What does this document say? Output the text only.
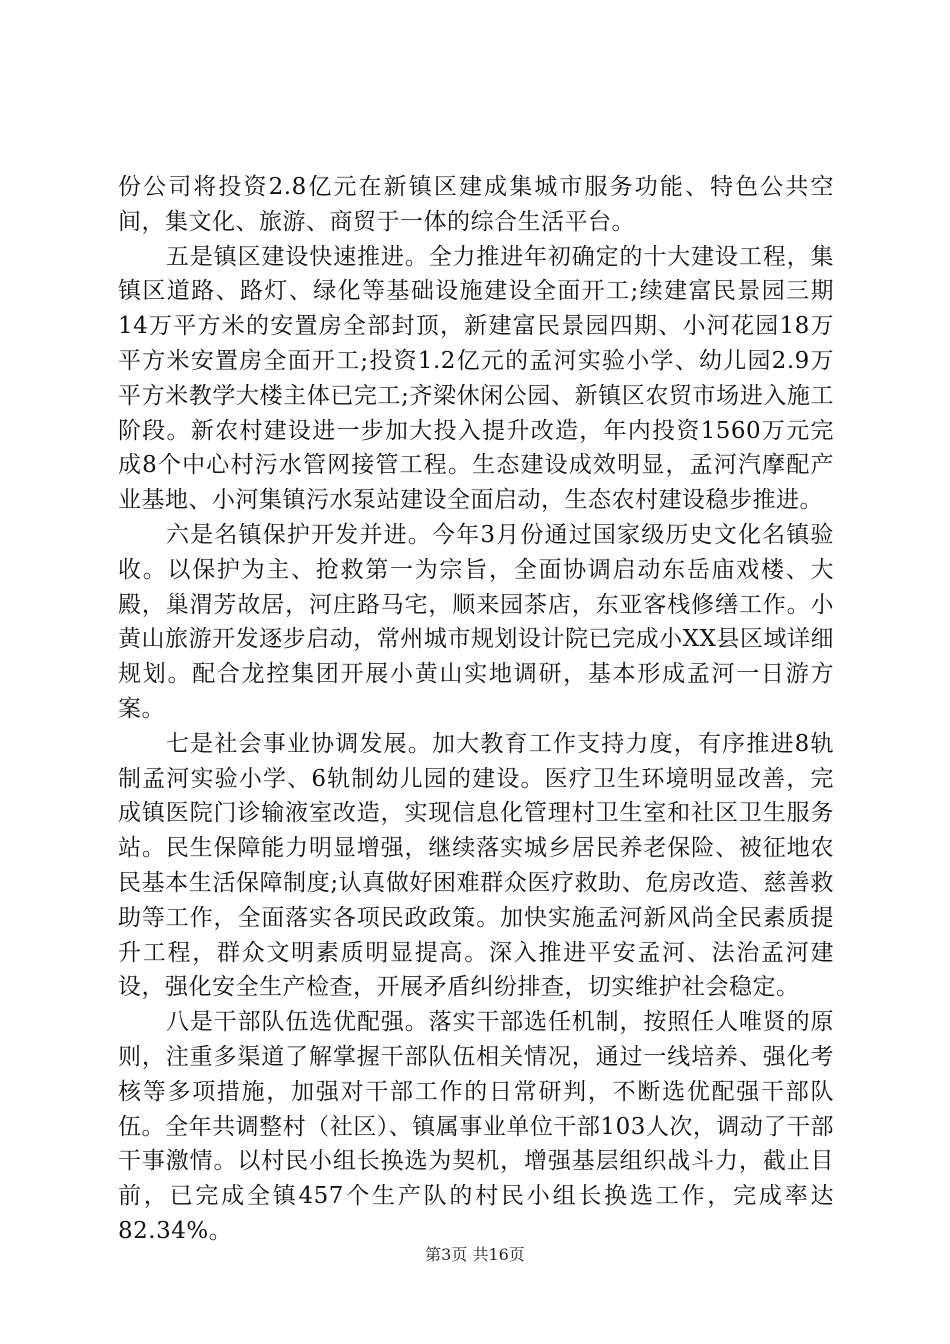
份公司将投资2.8亿元在新镇区建成集城市服务功能、特色公共空间，集文化、旅游、商贸于一体的综合生活平台。

五是镇区建设快速推进。全力推进年初确定的十大建设工程，集镇区道路、路灯、绿化等基础设施建设全面开工;续建富民景园三期14万平方米的安置房全部封顶，新建富民景园四期、小河花园18万平方米安置房全面开工;投资1.2亿元的孟河实验小学、幼儿园2.9万平方米教学大楼主体已完工;齐梁休闲公园、新镇区农贸市场进入施工阶段。新农村建设进一步加大投入提升改造，年内投资1560万元完成8个中心村污水管网接管工程。生态建设成效明显，孟河汽摩配产业基地、小河集镇污水泵站建设全面启动，生态农村建设稳步推进。

六是名镇保护开发并进。今年3月份通过国家级历史文化名镇验收。以保护为主、抢救第一为宗旨，全面协调启动东岳庙戏楼、大殿，巢渭芳故居，河庄路马宅，顺来园茶店，东亚客栈修缮工作。小黄山旅游开发逐步启动，常州城市规划设计院已完成小XX县区域详细规划。配合龙控集团开展小黄山实地调研，基本形成孟河一日游方案。

七是社会事业协调发展。加大教育工作支持力度，有序推进8轨制孟河实验小学、6轨制幼儿园的建设。医疗卫生环境明显改善，完成镇医院门诊输液室改造，实现信息化管理村卫生室和社区卫生服务站。民生保障能力明显增强，继续落实城乡居民养老保险、被征地农民基本生活保障制度;认真做好困难群众医疗救助、危房改造、慈善救助等工作，全面落实各项民政政策。加快实施孟河新风尚全民素质提升工程，群众文明素质明显提高。深入推进平安孟河、法治孟河建设，强化安全生产检查，开展矛盾纠纷排查，切实维护社会稳定。

八是干部队伍选优配强。落实干部选任机制，按照任人唯贤的原则，注重多渠道了解掌握干部队伍相关情况，通过一线培养、强化考核等多项措施，加强对干部工作的日常研判，不断选优配强干部队伍。全年共调整村（社区）、镇属事业单位干部103人次，调动了干部干事激情。以村民小组长换选为契机，增强基层组织战斗力，截止目前，已完成全镇457个生产队的村民小组长换选工作，完成率达82.34%。

第3页 共16页
